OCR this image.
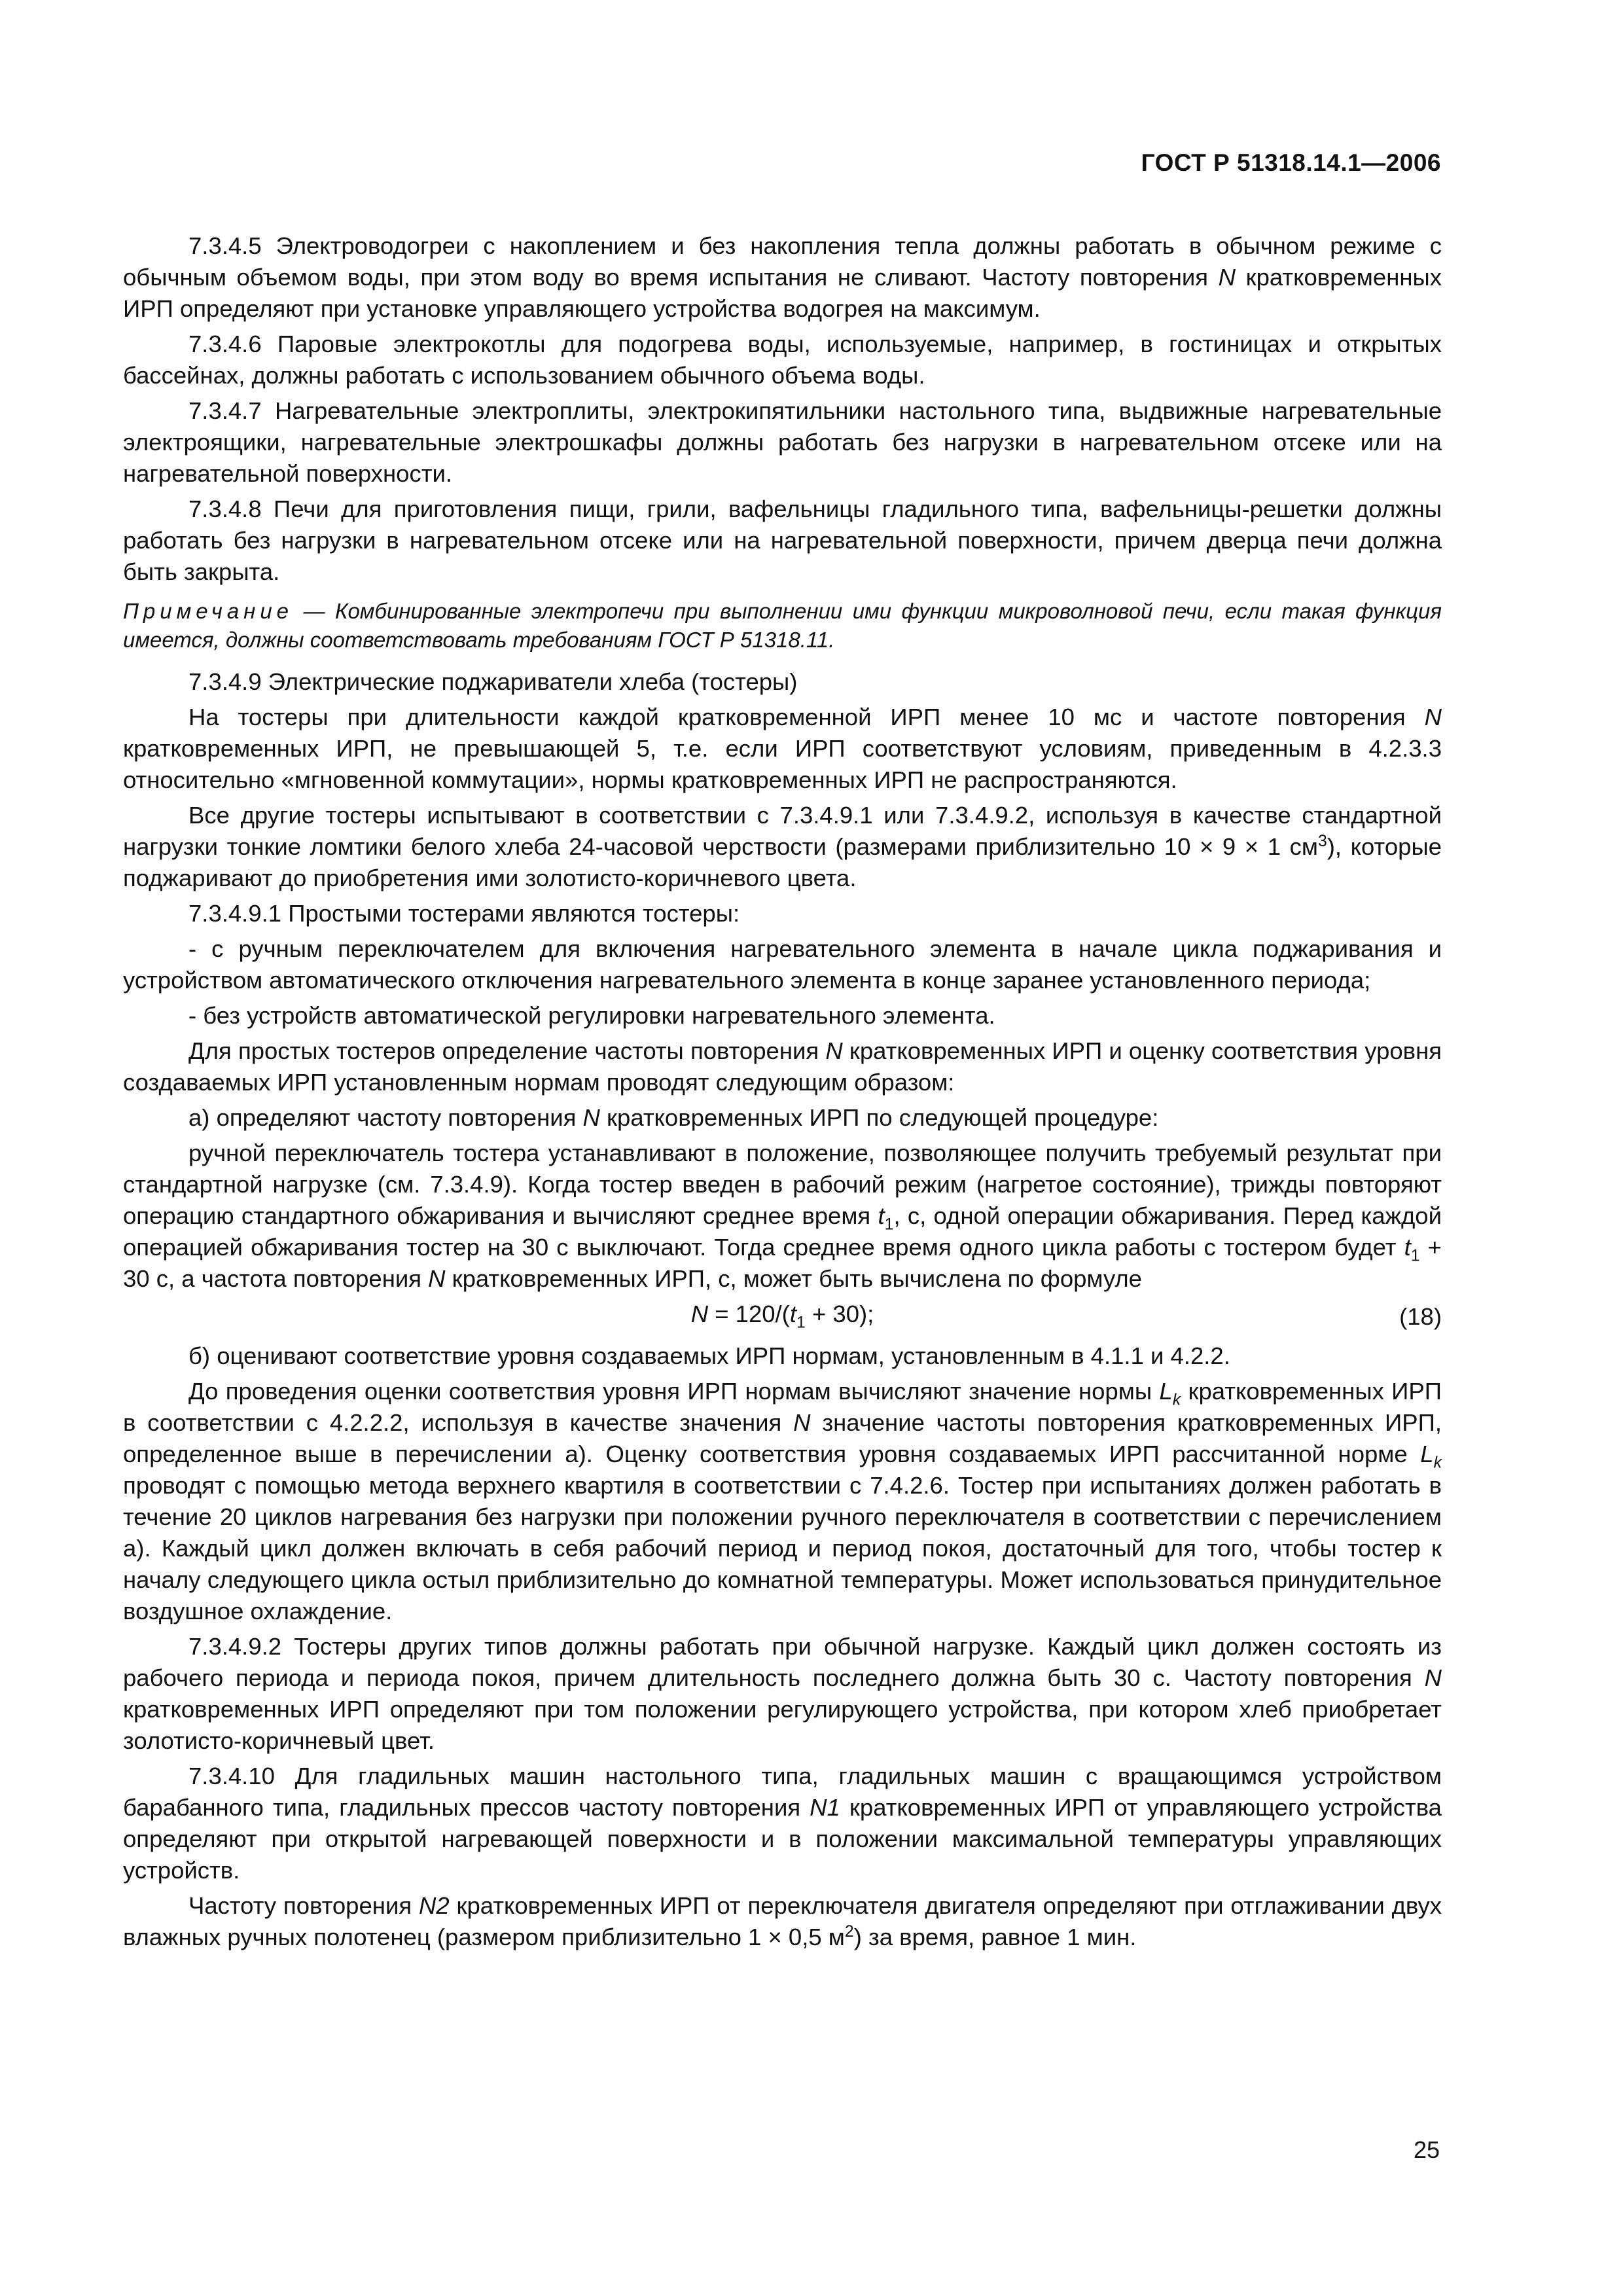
ГОСТ Р 51318.14.1—2006

7.3.4.5 Электроводогреи с накоплением и без накопления тепла должны работать в обычном режиме с обычным объемом воды, при этом воду во время испытания не сливают. Частоту повторения N кратковременных ИРП определяют при установке управляющего устройства водогрея на максимум.

7.3.4.6 Паровые электрокотлы для подогрева воды, используемые, например, в гостиницах и открытых бассейнах, должны работать с использованием обычного объема воды.

7.3.4.7 Нагревательные электроплиты, электрокипятильники настольного типа, выдвижные нагревательные электроящики, нагревательные электрошкафы должны работать без нагрузки в нагревательном отсеке или на нагревательной поверхности.

7.3.4.8 Печи для приготовления пищи, грили, вафельницы гладильного типа, вафельницы-решетки должны работать без нагрузки в нагревательном отсеке или на нагревательной поверхности, причем дверца печи должна быть закрыта.

Примечание — Комбинированные электропечи при выполнении ими функции микроволновой печи, если такая функция имеется, должны соответствовать требованиям ГОСТ Р 51318.11.

7.3.4.9 Электрические поджариватели хлеба (тостеры)

На тостеры при длительности каждой кратковременной ИРП менее 10 мс и частоте повторения N кратковременных ИРП, не превышающей 5, т.е. если ИРП соответствуют условиям, приведенным в 4.2.3.3 относительно «мгновенной коммутации», нормы кратковременных ИРП не распространяются.

Все другие тостеры испытывают в соответствии с 7.3.4.9.1 или 7.3.4.9.2, используя в качестве стандартной нагрузки тонкие ломтики белого хлеба 24-часовой черствости (размерами приблизительно 10 × 9 × 1 $см^3$), которые поджаривают до приобретения ими золотисто-коричневого цвета.

7.3.4.9.1 Простыми тостерами являются тостеры:

- с ручным переключателем для включения нагревательного элемента в начале цикла поджаривания и устройством автоматического отключения нагревательного элемента в конце заранее установленного периода;

- без устройств автоматической регулировки нагревательного элемента.

Для простых тостеров определение частоты повторения N кратковременных ИРП и оценку соответствия уровня создаваемых ИРП установленным нормам проводят следующим образом:

а) определяют частоту повторения N кратковременных ИРП по следующей процедуре:

ручной переключатель тостера устанавливают в положение, позволяющее получить требуемый результат при стандартной нагрузке (см. 7.3.4.9). Когда тостер введен в рабочий режим (нагретое состояние), трижды повторяют операцию стандартного обжаривания и вычисляют среднее время $t_1$, с, одной операции обжаривания. Перед каждой операцией обжаривания тостер на 30 с выключают. Тогда среднее время одного цикла работы с тостером будет $t_1 + 30$ с, а частота повторения N кратковременных ИРП, с, может быть вычислена по формуле

$N = 120/(t_1 + 30)$;	(18)

б) оценивают соответствие уровня создаваемых ИРП нормам, установленным в 4.1.1 и 4.2.2.

До проведения оценки соответствия уровня ИРП нормам вычисляют значение нормы $L_k$ кратковременных ИРП в соответствии с 4.2.2.2, используя в качестве значения N значение частоты повторения кратковременных ИРП, определенное выше в перечислении а). Оценку соответствия уровня создаваемых ИРП рассчитанной норме $L_k$ проводят с помощью метода верхнего квартиля в соответствии с 7.4.2.6. Тостер при испытаниях должен работать в течение 20 циклов нагревания без нагрузки при положении ручного переключателя в соответствии с перечислением а). Каждый цикл должен включать в себя рабочий период и период покоя, достаточный для того, чтобы тостер к началу следующего цикла остыл приблизительно до комнатной температуры. Может использоваться принудительное воздушное охлаждение.

7.3.4.9.2 Тостеры других типов должны работать при обычной нагрузке. Каждый цикл должен состоять из рабочего периода и периода покоя, причем длительность последнего должна быть 30 с. Частоту повторения N кратковременных ИРП определяют при том положении регулирующего устройства, при котором хлеб приобретает золотисто-коричневый цвет.

7.3.4.10 Для гладильных машин настольного типа, гладильных машин с вращающимся устройством барабанного типа, гладильных прессов частоту повторения N1 кратковременных ИРП от управляющего устройства определяют при открытой нагревающей поверхности и в положении максимальной температуры управляющих устройств.

Частоту повторения N2 кратковременных ИРП от переключателя двигателя определяют при отглаживании двух влажных ручных полотенец (размером приблизительно 1 × 0,5 $м^2$) за время, равное 1 мин.

25
